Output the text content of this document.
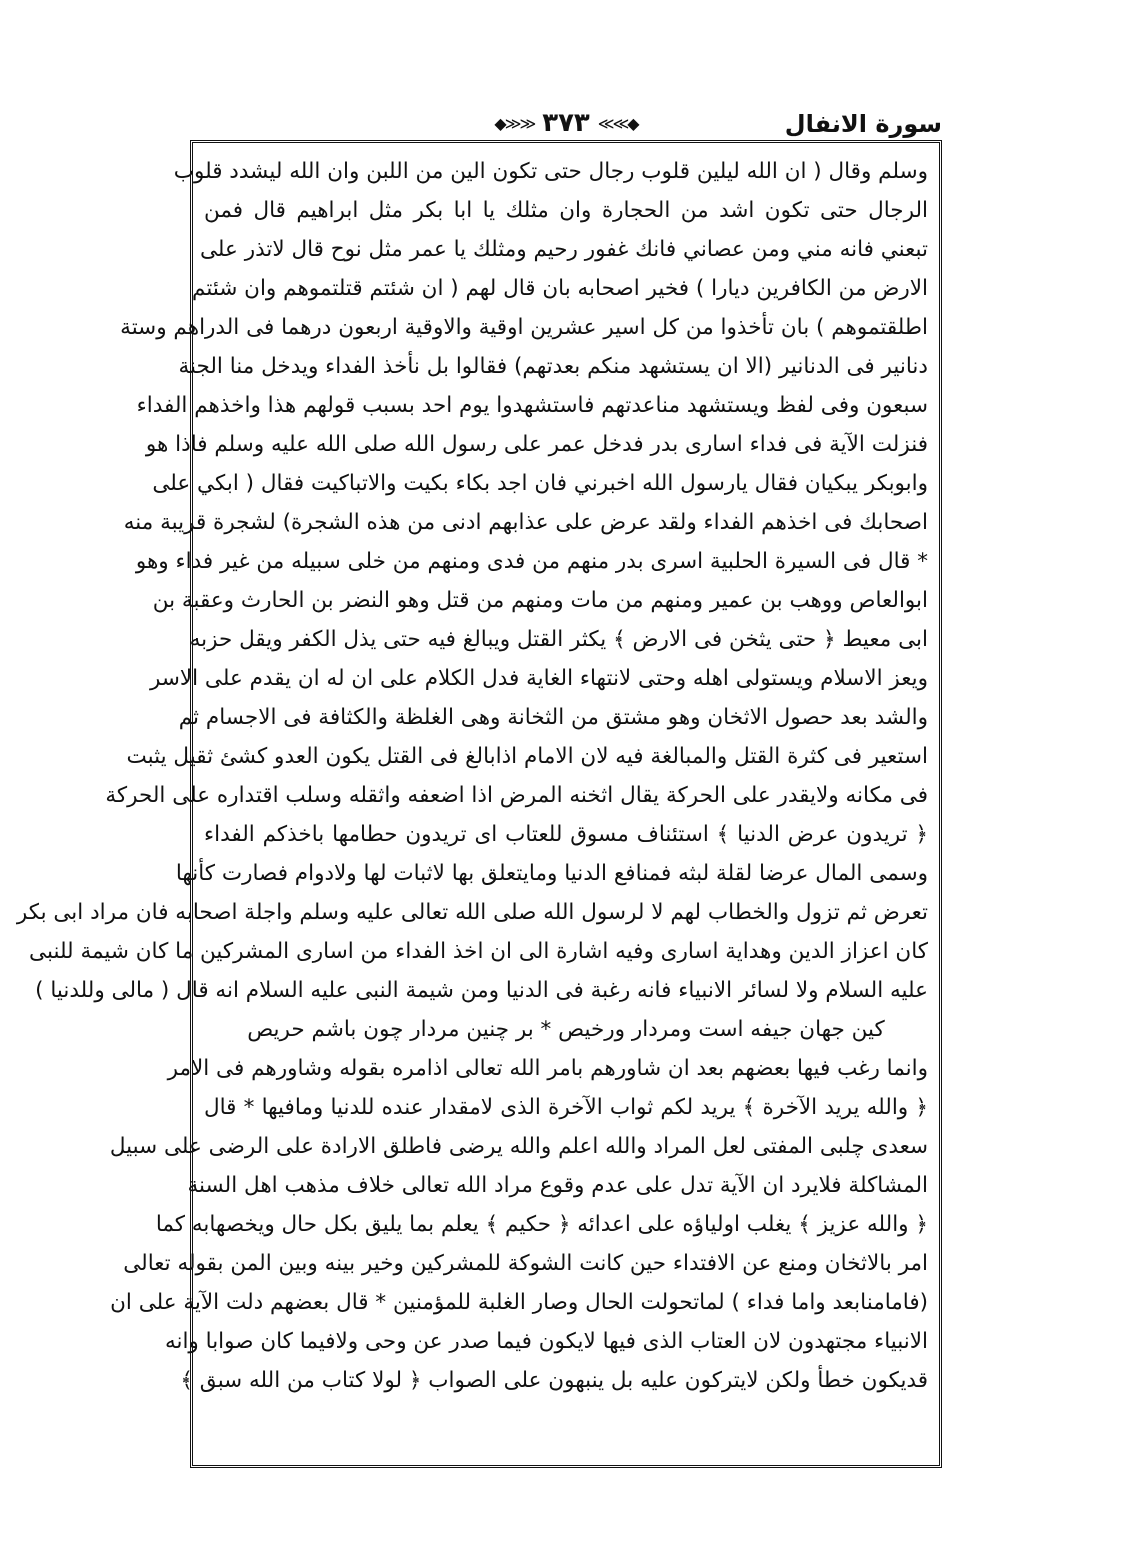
سورة الانفال
◆≫≫ ٣٧٣ ≪≪◆
وسلم وقال ( ان الله ليلين قلوب رجال حتى تكون الين من اللبن وان الله ليشدد قلوب
الرجال حتى تكون اشد من الحجارة وان مثلك يا ابا بكر مثل ابراهيم قال فمن
تبعني فانه مني ومن عصاني فانك غفور رحيم ومثلك يا عمر مثل نوح قال لاتذر على
الارض من الكافرين ديارا ) فخير اصحابه بان قال لهم ( ان شئتم قتلتموهم وان شئتم
اطلقتموهم ) بان تأخذوا من كل اسير عشرين اوقية والاوقية اربعون درهما فى الدراهم وستة
دنانير فى الدنانير (الا ان يستشهد منكم بعدتهم) فقالوا بل نأخذ الفداء ويدخل منا الجنة
سبعون وفى لفظ ويستشهد مناعدتهم فاستشهدوا يوم احد بسبب قولهم هذا واخذهم الفداء
فنزلت الآية فى فداء اسارى بدر فدخل عمر على رسول الله صلى الله عليه وسلم فاذا هو
وابوبكر يبكيان فقال يارسول الله اخبرني فان اجد بكاء بكيت والاتباكيت فقال ( ابكي على
اصحابك فى اخذهم الفداء ولقد عرض على عذابهم ادنى من هذه الشجرة) لشجرة قريبة منه
* قال فى السيرة الحلبية اسرى بدر منهم من فدى ومنهم من خلى سبيله من غير فداء وهو
ابوالعاص ووهب بن عمير ومنهم من مات ومنهم من قتل وهو النضر بن الحارث وعقبة بن
ابى معيط ﴿ حتى يثخن فى الارض ﴾ يكثر القتل ويبالغ فيه حتى يذل الكفر ويقل حزبه
ويعز الاسلام ويستولى اهله وحتى لانتهاء الغاية فدل الكلام على ان له ان يقدم على الاسر
والشد بعد حصول الاثخان وهو مشتق من الثخانة وهى الغلظة والكثافة فى الاجسام ثم
استعير فى كثرة القتل والمبالغة فيه لان الامام اذابالغ فى القتل يكون العدو كشئ ثقيل يثبت
فى مكانه ولايقدر على الحركة يقال اثخنه المرض اذا اضعفه واثقله وسلب اقتداره على الحركة
﴿ تريدون عرض الدنيا ﴾ استئناف مسوق للعتاب اى تريدون حطامها باخذكم الفداء
وسمى المال عرضا لقلة لبثه فمنافع الدنيا ومايتعلق بها لاثبات لها ولادوام فصارت كأنها
تعرض ثم تزول والخطاب لهم لا لرسول الله صلى الله تعالى عليه وسلم واجلة اصحابه فان مراد ابى بكر
كان اعزاز الدين وهداية اسارى وفيه اشارة الى ان اخذ الفداء من اسارى المشركين ما كان شيمة للنبى
عليه السلام ولا لسائر الانبياء فانه رغبة فى الدنيا ومن شيمة النبى عليه السلام انه قال ( مالى وللدنيا )
كين جهان جيفه است ومردار ورخيص * بر چنين مردار چون باشم حريص
وانما رغب فيها بعضهم بعد ان شاورهم بامر الله تعالى اذامره بقوله وشاورهم فى الامر
﴿ والله يريد الآخرة ﴾ يريد لكم ثواب الآخرة الذى لامقدار عنده للدنيا ومافيها * قال
سعدى چلبى المفتى لعل المراد والله اعلم والله يرضى فاطلق الارادة على الرضى على سبيل
المشاكلة فلايرد ان الآية تدل على عدم وقوع مراد الله تعالى خلاف مذهب اهل السنة
﴿ والله عزيز ﴾ يغلب اولياؤه على اعدائه ﴿ حكيم ﴾ يعلم بما يليق بكل حال ويخصهابه كما
امر بالاثخان ومنع عن الافتداء حين كانت الشوكة للمشركين وخير بينه وبين المن بقوله تعالى
(فامامنابعد واما فداء ) لماتحولت الحال وصار الغلبة للمؤمنين * قال بعضهم دلت الآية على ان
الانبياء مجتهدون لان العتاب الذى فيها لايكون فيما صدر عن وحى ولافيما كان صوابا وانه
قديكون خطأ ولكن لايتركون عليه بل ينبهون على الصواب ﴿ لولا كتاب من الله سبق ﴾
